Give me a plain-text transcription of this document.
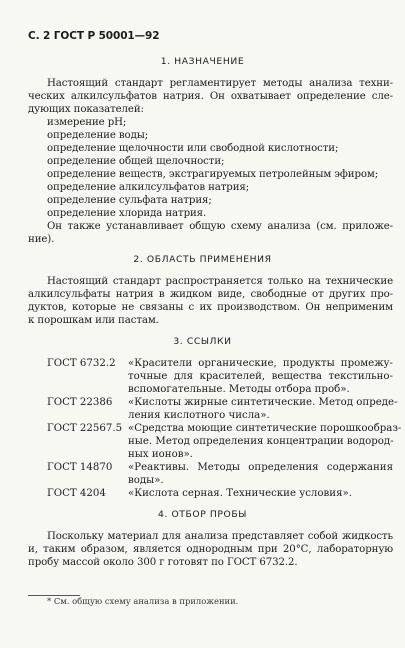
С. 2 ГОСТ Р 50001—92
1. НАЗНАЧЕНИЕ
Настоящий стандарт регламентирует методы анализа техни-
ческих алкилсульфатов натрия. Он охватывает определение сле-
дующих показателей:
измерение рН;
определение воды;
определение щелочности или свободной кислотности;
определение общей щелочности;
определение веществ, экстрагируемых петролейным эфиром;
определение алкилсульфатов натрия;
определение сульфата натрия;
определение хлорида натрия.
Он также устанавливает общую схему анализа (см. приложе-
ние).
2. ОБЛАСТЬ ПРИМЕНЕНИЯ
Настоящий стандарт распространяется только на технические
алкилсульфаты натрия в жидком виде, свободные от других про-
дуктов, которые не связаны с их производством. Он неприменим
к порошкам или пастам.
3. ССЫЛКИ
ГОСТ 6732.2 «Красители органические, продукты промежу-
точные для красителей, вещества текстильно-
вспомогательные. Методы отбора проб».
ГОСТ 22386 «Кислоты жирные синтетические. Метод опреде-
ления кислотного числа».
ГОСТ 22567.5 «Средства моющие синтетические порошкообраз-
ные. Метод определения концентрации водород-
ных ионов».
ГОСТ 14870 «Реактивы. Методы определения содержания
воды».
ГОСТ 4204 «Кислота серная. Технические условия».
4. ОТБОР ПРОБЫ
Поскольку материал для анализа представляет собой жидкость
и, таким образом, является однородным при 20°С, лабораторную
пробу массой около 300 г готовят по ГОСТ 6732.2.
* См. общую схему анализа в приложении.
